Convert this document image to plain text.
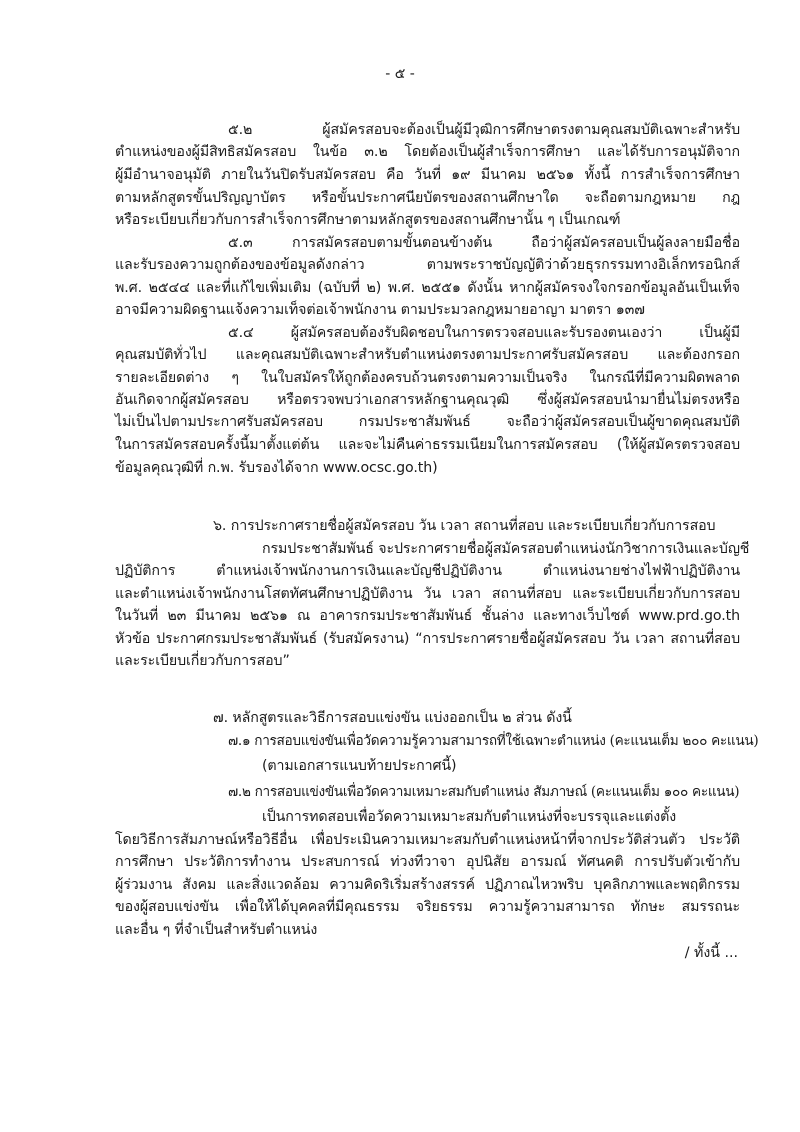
- ๕ -
๕.๒ ผู้สมัครสอบจะต้องเป็นผู้มีวุฒิการศึกษาตรงตามคุณสมบัติเฉพาะสำหรับ
ตำแหน่งของผู้มีสิทธิสมัครสอบ ในข้อ ๓.๒ โดยต้องเป็นผู้สำเร็จการศึกษา และได้รับการอนุมัติจาก
ผู้มีอำนาจอนุมัติ ภายในวันปิดรับสมัครสอบ คือ วันที่ ๑๙ มีนาคม ๒๕๖๑ ทั้งนี้ การสำเร็จการศึกษา
ตามหลักสูตรขั้นปริญญาบัตร หรือขั้นประกาศนียบัตรของสถานศึกษาใด จะถือตามกฎหมาย กฎ
หรือระเบียบเกี่ยวกับการสำเร็จการศึกษาตามหลักสูตรของสถานศึกษานั้น ๆ เป็นเกณฑ์
๕.๓ การสมัครสอบตามขั้นตอนข้างต้น ถือว่าผู้สมัครสอบเป็นผู้ลงลายมือชื่อ
และรับรองความถูกต้องของข้อมูลดังกล่าว ตามพระราชบัญญัติว่าด้วยธุรกรรมทางอิเล็กทรอนิกส์
พ.ศ. ๒๕๔๔ และที่แก้ไขเพิ่มเติม (ฉบับที่ ๒) พ.ศ. ๒๕๕๑ ดังนั้น หากผู้สมัครจงใจกรอกข้อมูลอันเป็นเท็จ
อาจมีความผิดฐานแจ้งความเท็จต่อเจ้าพนักงาน ตามประมวลกฎหมายอาญา มาตรา ๑๓๗
๕.๔ ผู้สมัครสอบต้องรับผิดชอบในการตรวจสอบและรับรองตนเองว่า เป็นผู้มี
คุณสมบัติทั่วไป และคุณสมบัติเฉพาะสำหรับตำแหน่งตรงตามประกาศรับสมัครสอบ และต้องกรอก
รายละเอียดต่าง ๆ ในใบสมัครให้ถูกต้องครบถ้วนตรงตามความเป็นจริง ในกรณีที่มีความผิดพลาด
อันเกิดจากผู้สมัครสอบ หรือตรวจพบว่าเอกสารหลักฐานคุณวุฒิ ซึ่งผู้สมัครสอบนำมายื่นไม่ตรงหรือ
ไม่เป็นไปตามประกาศรับสมัครสอบ กรมประชาสัมพันธ์ จะถือว่าผู้สมัครสอบเป็นผู้ขาดคุณสมบัติ
ในการสมัครสอบครั้งนี้มาตั้งแต่ต้น และจะไม่คืนค่าธรรมเนียมในการสมัครสอบ (ให้ผู้สมัครตรวจสอบ
ข้อมูลคุณวุฒิที่ ก.พ. รับรองได้จาก www.ocsc.go.th)
๖. การประกาศรายชื่อผู้สมัครสอบ วัน เวลา สถานที่สอบ และระเบียบเกี่ยวกับการสอบ
กรมประชาสัมพันธ์ จะประกาศรายชื่อผู้สมัครสอบตำแหน่งนักวิชาการเงินและบัญชี
ปฏิบัติการ ตำแหน่งเจ้าพนักงานการเงินและบัญชีปฏิบัติงาน ตำแหน่งนายช่างไฟฟ้าปฏิบัติงาน
และตำแหน่งเจ้าพนักงานโสตทัศนศึกษาปฏิบัติงาน วัน เวลา สถานที่สอบ และระเบียบเกี่ยวกับการสอบ
ในวันที่ ๒๓ มีนาคม ๒๕๖๑ ณ อาคารกรมประชาสัมพันธ์ ชั้นล่าง และทางเว็บไซต์ www.prd.go.th
หัวข้อ ประกาศกรมประชาสัมพันธ์ (รับสมัครงาน) “การประกาศรายชื่อผู้สมัครสอบ วัน เวลา สถานที่สอบ
และระเบียบเกี่ยวกับการสอบ”
๗. หลักสูตรและวิธีการสอบแข่งขัน แบ่งออกเป็น ๒ ส่วน ดังนี้
๗.๑ การสอบแข่งขันเพื่อวัดความรู้ความสามารถที่ใช้เฉพาะตำแหน่ง (คะแนนเต็ม ๒๐๐ คะแนน)
(ตามเอกสารแนบท้ายประกาศนี้)
๗.๒ การสอบแข่งขันเพื่อวัดความเหมาะสมกับตำแหน่ง สัมภาษณ์ (คะแนนเต็ม ๑๐๐ คะแนน)
เป็นการทดสอบเพื่อวัดความเหมาะสมกับตำแหน่งที่จะบรรจุและแต่งตั้ง
โดยวิธีการสัมภาษณ์หรือวิธีอื่น เพื่อประเมินความเหมาะสมกับตำแหน่งหน้าที่จากประวัติส่วนตัว ประวัติ
การศึกษา ประวัติการทำงาน ประสบการณ์ ท่วงทีวาจา อุปนิสัย อารมณ์ ทัศนคติ การปรับตัวเข้ากับ
ผู้ร่วมงาน สังคม และสิ่งแวดล้อม ความคิดริเริ่มสร้างสรรค์ ปฏิภาณไหวพริบ บุคลิกภาพและพฤติกรรม
ของผู้สอบแข่งขัน เพื่อให้ได้บุคคลที่มีคุณธรรม จริยธรรม ความรู้ความสามารถ ทักษะ สมรรถนะ
และอื่น ๆ ที่จำเป็นสำหรับตำแหน่ง
/ ทั้งนี้ ...
